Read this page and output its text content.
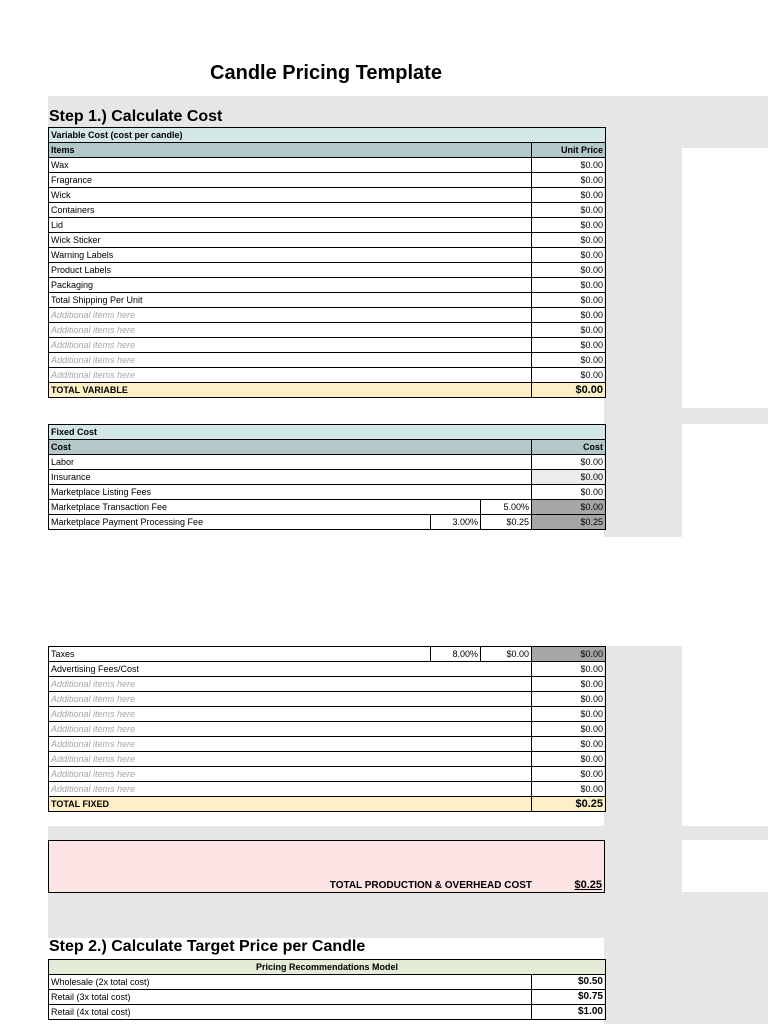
Candle Pricing Template
Step 1.) Calculate Cost
Variable Cost (cost per candle)	
Items	Unit Price
Wax	$0.00
Fragrance	$0.00
Wick	$0.00
Containers	$0.00
Lid	$0.00
Wick Sticker	$0.00
Warning Labels	$0.00
Product Labels	$0.00
Packaging	$0.00
Total Shipping Per Unit	$0.00
Additional items here	$0.00
Additional items here	$0.00
Additional items here	$0.00
Additional items here	$0.00
Additional items here	$0.00
TOTAL VARIABLE	$0.00
Fixed Cost			
Cost			Cost
Labor			$0.00
Insurance			$0.00
Marketplace Listing Fees			$0.00
Marketplace Transaction Fee		5.00%	$0.00
Marketplace Payment Processing Fee	3.00%	$0.25	$0.25
Taxes	8.00%	$0.00	$0.00
Advertising Fees/Cost			$0.00
Additional items here			$0.00
Additional items here			$0.00
Additional items here			$0.00
Additional items here			$0.00
Additional items here			$0.00
Additional items here			$0.00
Additional items here			$0.00
Additional items here			$0.00
TOTAL FIXED			$0.25
TOTAL PRODUCTION & OVERHEAD COST	$0.25
Step 2.) Calculate Target Price per Candle
Pricing Recommendations Model	
Wholesale (2x total cost)	$0.50
Retail (3x total cost)	$0.75
Retail (4x total cost)	$1.00
